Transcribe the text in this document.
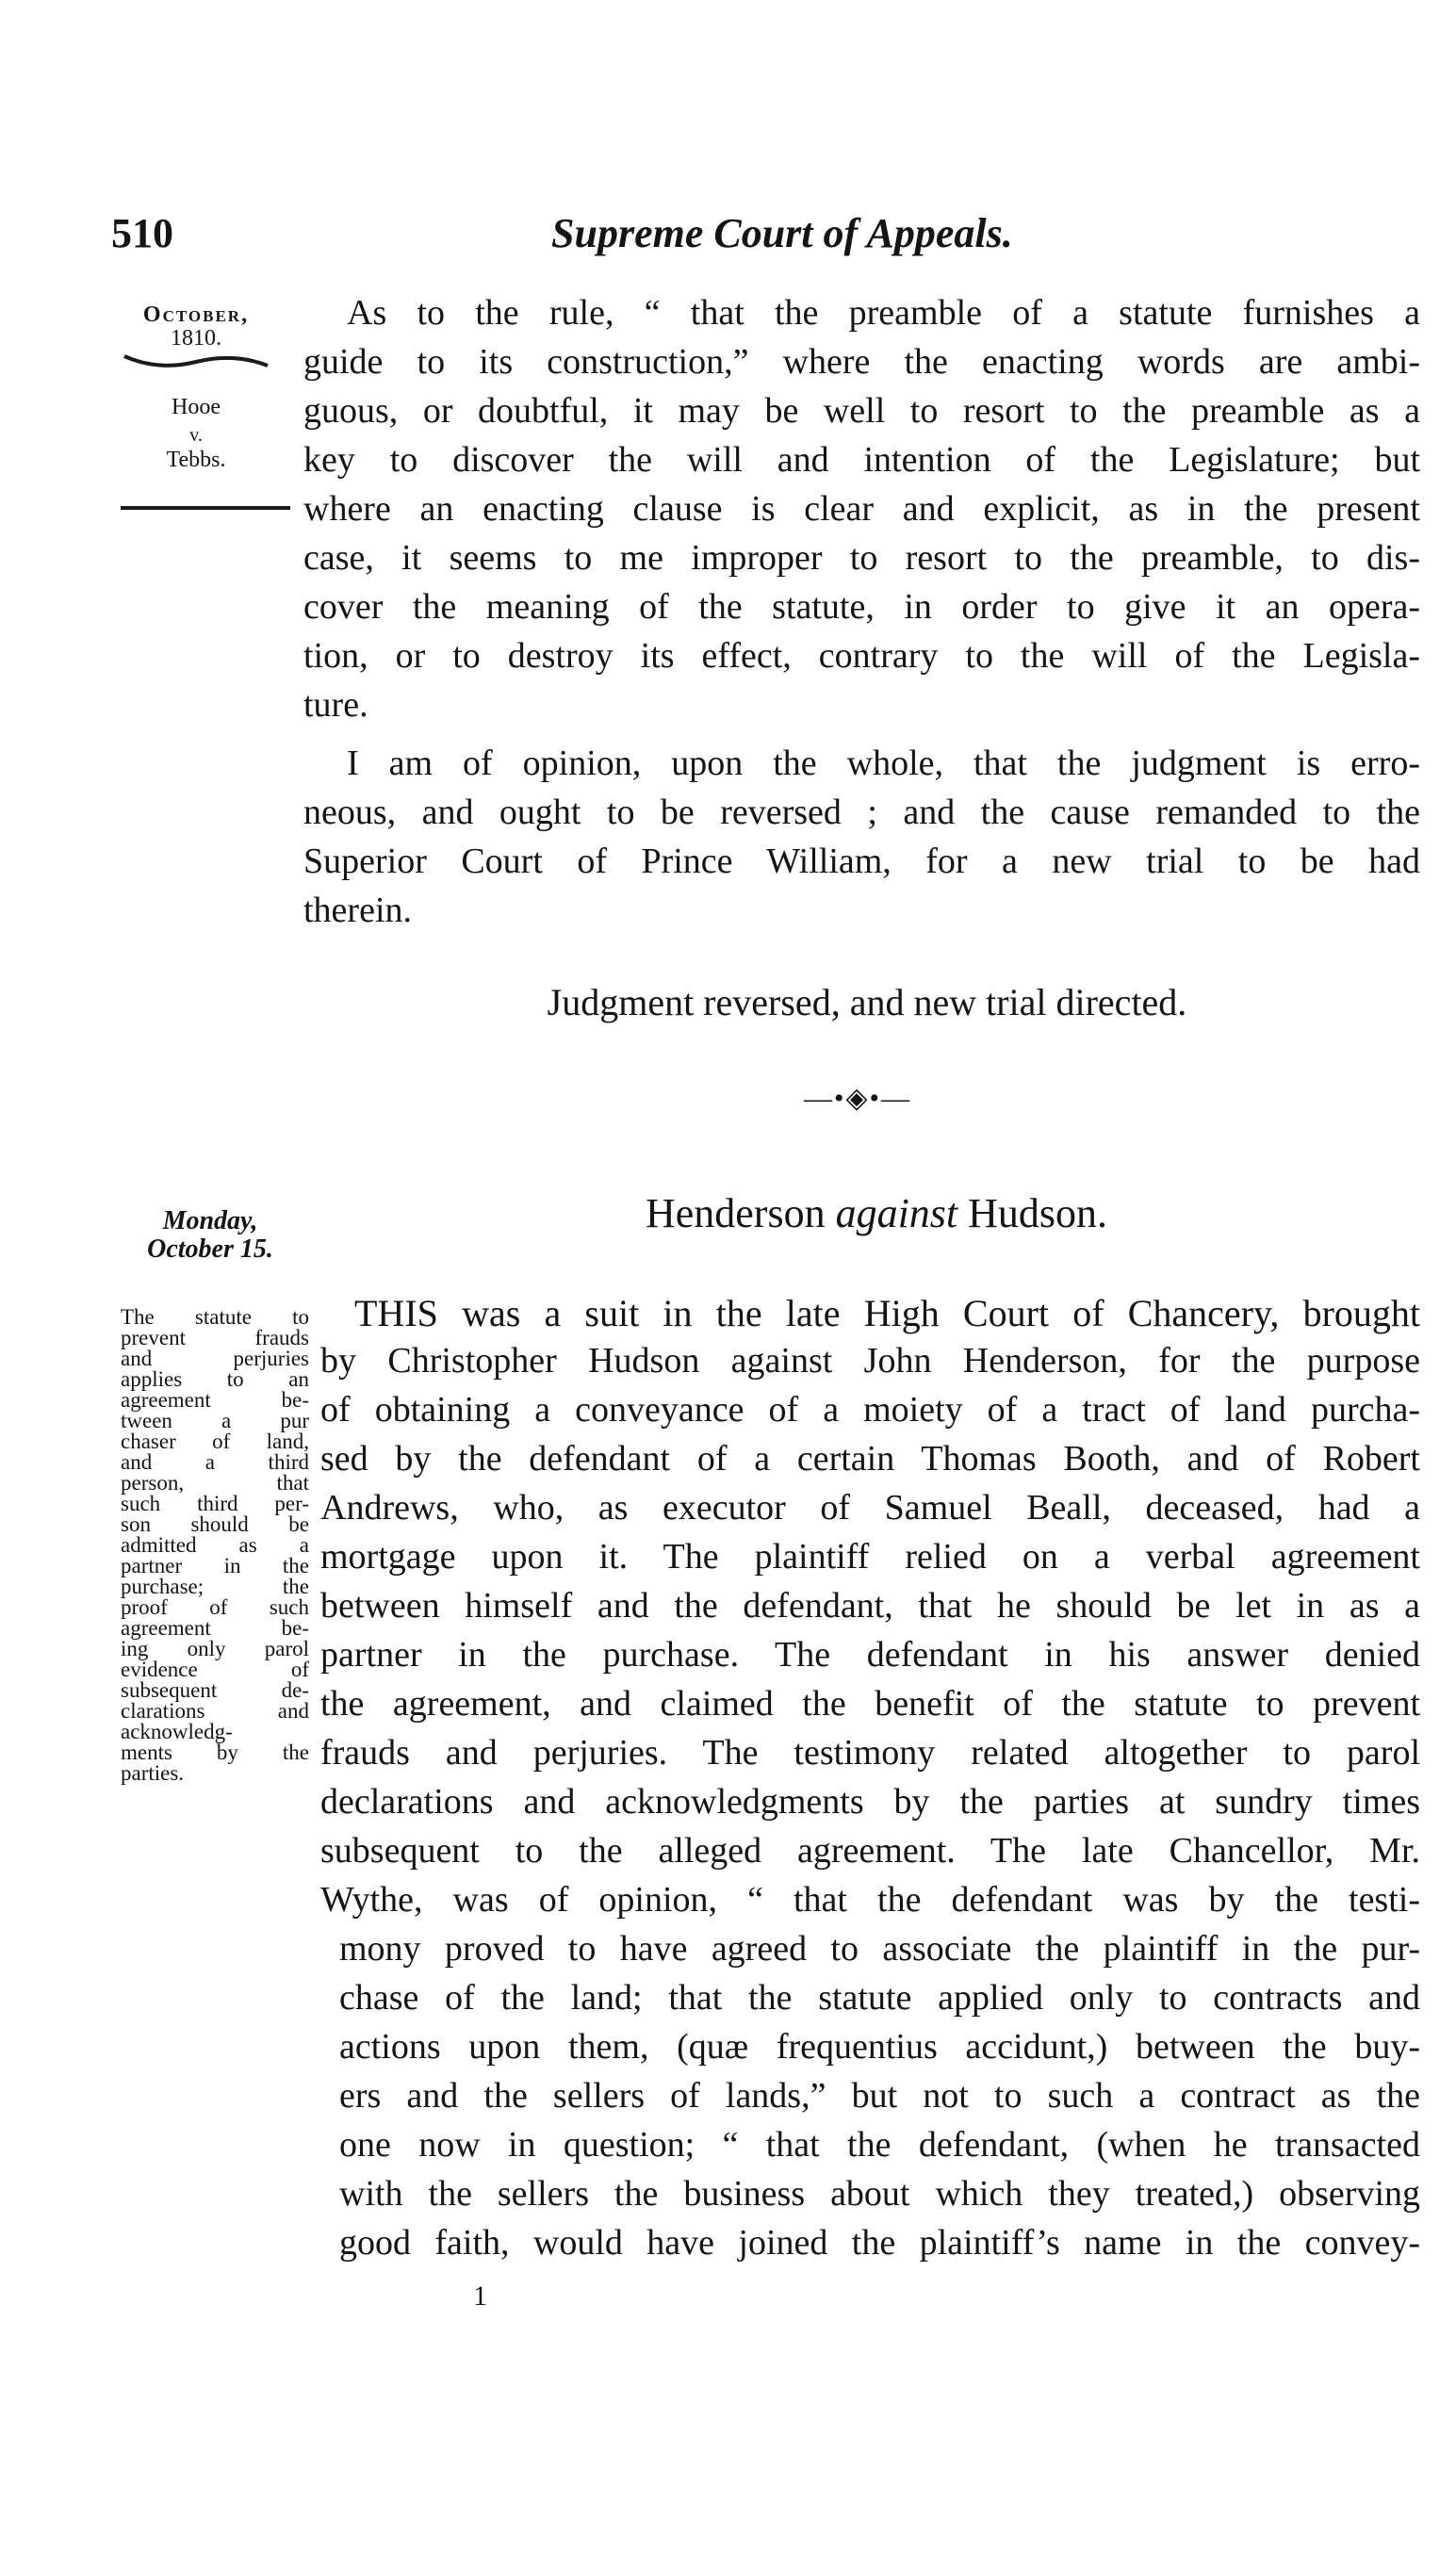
510	Supreme Court of Appeals.
October,
1810.
Hooe
v.
Tebbs.
As to the rule, “ that the preamble of a statute furnishes a
guide to its construction,” where the enacting words are ambi-
guous, or doubtful, it may be well to resort to the preamble as a
key to discover the will and intention of the Legislature; but
where an enacting clause is clear and explicit, as in the present
case, it seems to me improper to resort to the preamble, to dis-
cover the meaning of the statute, in order to give it an opera-
tion, or to destroy its effect, contrary to the will of the Legisla-
ture.
I am of opinion, upon the whole, that the judgment is erro-
neous, and ought to be reversed ; and the cause remanded to the
Superior Court of Prince William, for a new trial to be had
therein.
Judgment reversed, and new trial directed.
—•◈•—
Monday,
October 15.
Henderson against Hudson.
The statute to
prevent frauds
and perjuries
applies to an
agreement be-
tween a pur
chaser of land,
and a third
person, that
such third per-
son should be
admitted as a
partner in the
purchase; the
proof of such
agreement be-
ing only parol
evidence of
subsequent de-
clarations and
acknowledg-
ments by the
parties.
THIS was a suit in the late High Court of Chancery, brought
by Christopher Hudson against John Henderson, for the purpose
of obtaining a conveyance of a moiety of a tract of land purcha-
sed by the defendant of a certain Thomas Booth, and of Robert
Andrews, who, as executor of Samuel Beall, deceased, had a
mortgage upon it. The plaintiff relied on a verbal agreement
between himself and the defendant, that he should be let in as a
partner in the purchase. The defendant in his answer denied
the agreement, and claimed the benefit of the statute to prevent
frauds and perjuries. The testimony related altogether to parol
declarations and acknowledgments by the parties at sundry times
subsequent to the alleged agreement. The late Chancellor, Mr.
Wythe, was of opinion, “ that the defendant was by the testi-
mony proved to have agreed to associate the plaintiff in the pur-
chase of the land; that the statute applied only to contracts and
actions upon them, (quæ frequentius accidunt,) between the buy-
ers and the sellers of lands,” but not to such a contract as the
one now in question; “ that the defendant, (when he transacted
with the sellers the business about which they treated,) observing
good faith, would have joined the plaintiff’s name in the convey-
1
